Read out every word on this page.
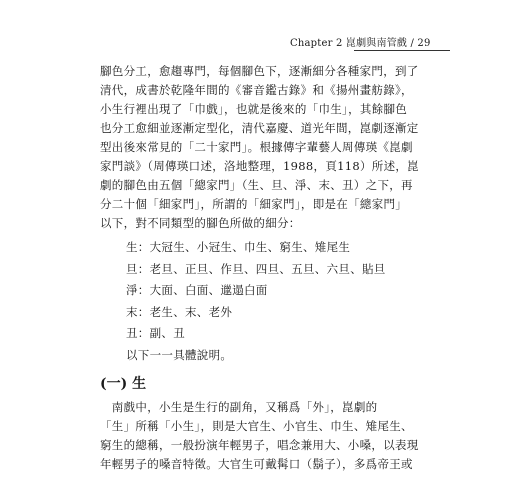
Chapter 2 崑劇與南管戲 / 29
腳色分工，愈趨專門，每個腳色下，逐漸細分各種家門，到了
清代，成書於乾隆年間的《審音鑑古錄》和《揚州畫舫錄》，
小生行裡出現了「巾戲」，也就是後來的「巾生」，其餘腳色
也分工愈細並逐漸定型化，清代嘉慶、道光年間，崑劇逐漸定
型出後來常見的「二十家門」。根據傳字輩藝人周傳瑛《崑劇
家門談》（周傳瑛口述，洛地整理，1988，頁118）所述，崑
劇的腳色由五個「總家門」（生、旦、淨、末、丑）之下，再
分二十個「細家門」，所謂的「細家門」，即是在「總家門」
以下，對不同類型的腳色所做的細分：
生：大冠生、小冠生、巾生、窮生、雉尾生
旦：老旦、正旦、作旦、四旦、五旦、六旦、貼旦
淨：大面、白面、邋遢白面
末：老生、末、老外
丑：副、丑
以下一一具體說明。
(一) 生
　南戲中，小生是生行的副角，又稱爲「外」，崑劇的
「生」所稱「小生」，則是大官生、小官生、巾生、雉尾生、
窮生的總稱，一般扮演年輕男子，唱念兼用大、小嗓，以表現
年輕男子的嗓音特徵。大官生可戴髯口（鬍子），多爲帝王或
